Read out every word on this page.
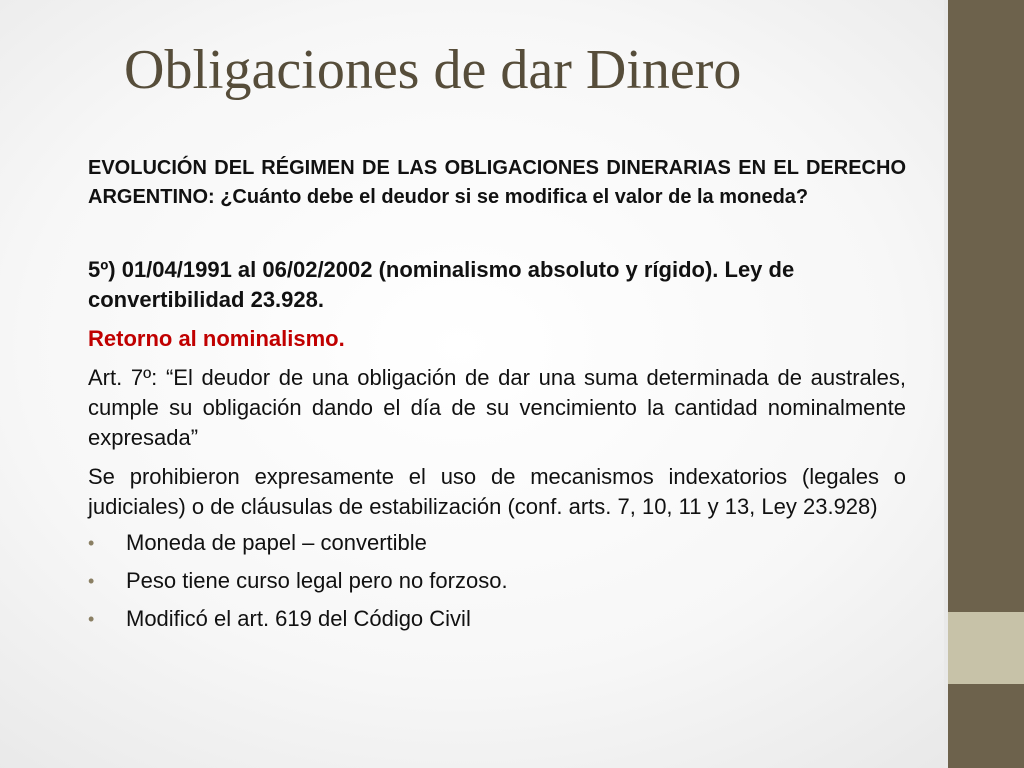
Obligaciones de dar Dinero

EVOLUCIÓN DEL RÉGIMEN DE LAS OBLIGACIONES DINERARIAS EN EL DERECHO ARGENTINO: ¿Cuánto debe el deudor si se modifica el valor de la moneda?

5º) 01/04/1991 al 06/02/2002 (nominalismo absoluto y rígido). Ley de convertibilidad 23.928.

Retorno al nominalismo.

Art. 7º: “El deudor de una obligación de dar una suma determinada de australes, cumple su obligación dando el día de su vencimiento la cantidad nominalmente expresada”

Se prohibieron expresamente el uso de mecanismos indexatorios (legales o judiciales) o de cláusulas de estabilización (conf. arts. 7, 10, 11 y 13, Ley 23.928)

• Moneda de papel – convertible
• Peso tiene curso legal pero no forzoso.
• Modificó el art. 619 del Código Civil
